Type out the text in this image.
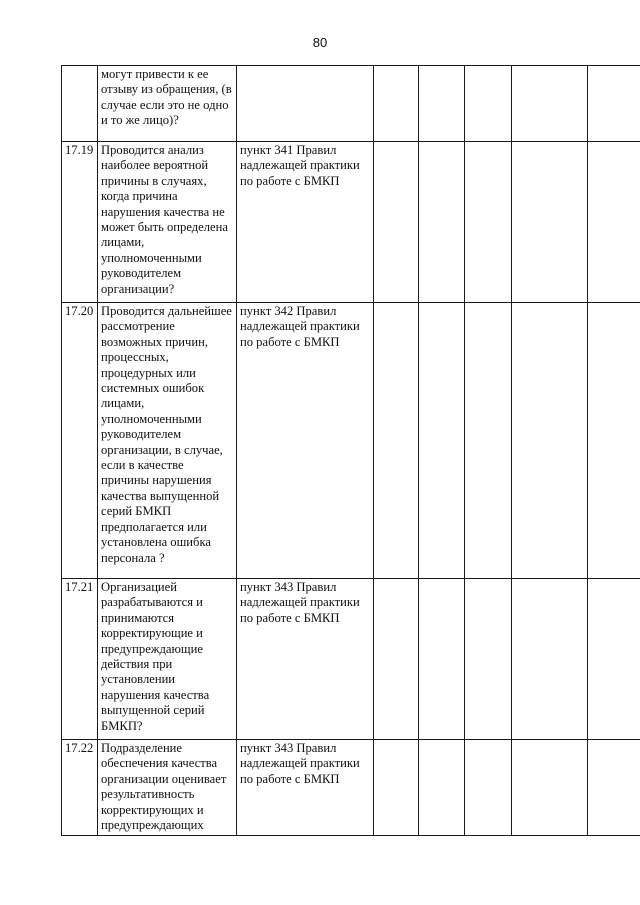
80
	могут привести к ее отзыву из обращения, (в случае если это не одно и то же лицо)?						
17.19	Проводится анализ наиболее вероятной причины в случаях, когда причина нарушения качества не может быть определена лицами, уполномоченными руководителем организации?	пункт 341 Правил надлежащей практики по работе с БМКП					
17.20	Проводится дальнейшее рассмотрение возможных причин, процессных, процедурных или системных ошибок лицами, уполномоченными руководителем организации, в случае, если в качестве причины нарушения качества выпущенной серий БМКП предполагается или установлена ошибка персонала ?	пункт 342 Правил надлежащей практики по работе с БМКП					
17.21	Организацией разрабатываются и принимаются корректирующие и предупреждающие действия при установлении нарушения качества выпущенной серий БМКП?	пункт 343 Правил надлежащей практики по работе с БМКП					
17.22	Подразделение обеспечения качества организации оценивает результативность корректирующих и предупреждающих	пункт 343 Правил надлежащей практики по работе с БМКП					
